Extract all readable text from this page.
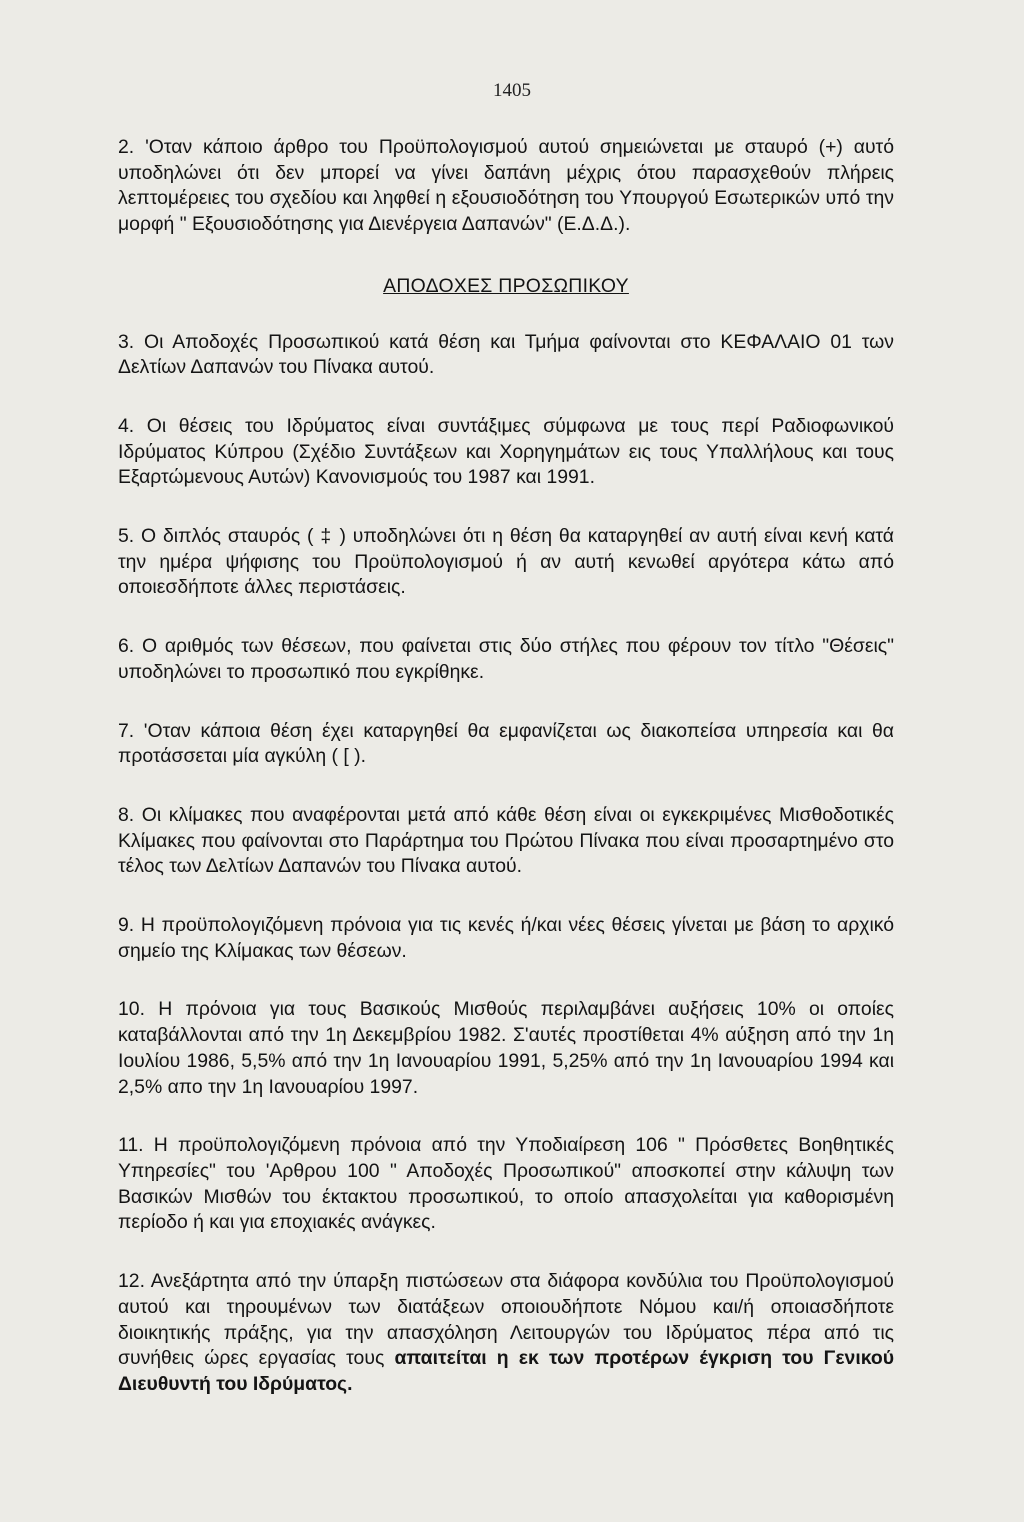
1405

2. 'Οταν κάποιο άρθρο του Προϋπολογισμού αυτού σημειώνεται με σταυρό (+) αυτό υποδηλώνει ότι δεν μπορεί να γίνει δαπάνη μέχρις ότου παρασχεθούν πλήρεις λεπτομέρειες του σχεδίου και ληφθεί η εξουσιοδότηση του Υπουργού Εσωτερικών υπό την μορφή " Εξουσιοδότησης για Διενέργεια Δαπανών" (Ε.Δ.Δ.).

ΑΠΟΔΟΧΕΣ ΠΡΟΣΩΠΙΚΟΥ

3. Οι Αποδοχές Προσωπικού κατά θέση και Τμήμα φαίνονται στο ΚΕΦΑΛΑΙΟ 01 των Δελτίων Δαπανών του Πίνακα αυτού.

4. Οι θέσεις του Ιδρύματος είναι συντάξιμες σύμφωνα με τους περί Ραδιοφωνικού Ιδρύματος Κύπρου (Σχέδιο Συντάξεων και Χορηγημάτων εις τους Υπαλλήλους και τους Εξαρτώμενους Αυτών) Κανονισμούς του 1987 και 1991.

5. Ο διπλός σταυρός ( ‡ ) υποδηλώνει ότι η θέση θα καταργηθεί αν αυτή είναι κενή κατά την ημέρα ψήφισης του Προϋπολογισμού ή αν αυτή κενωθεί αργότερα κάτω από οποιεσδήποτε άλλες περιστάσεις.

6. Ο αριθμός των θέσεων, που φαίνεται στις δύο στήλες που φέρουν τον τίτλο "Θέσεις" υποδηλώνει το προσωπικό που εγκρίθηκε.

7. 'Οταν κάποια θέση έχει καταργηθεί θα εμφανίζεται ως διακοπείσα υπηρεσία και θα προτάσσεται μία αγκύλη ( [ ).

8. Οι κλίμακες που αναφέρονται μετά από κάθε θέση είναι οι εγκεκριμένες Μισθοδοτικές Κλίμακες που φαίνονται στο Παράρτημα του Πρώτου Πίνακα που είναι προσαρτημένο στο τέλος των Δελτίων Δαπανών του Πίνακα αυτού.

9. Η προϋπολογιζόμενη πρόνοια για τις κενές ή/και νέες θέσεις γίνεται με βάση το αρχικό σημείο της Κλίμακας των θέσεων.

10. Η πρόνοια για τους Βασικούς Μισθούς περιλαμβάνει αυξήσεις 10% οι οποίες καταβάλλονται από την 1η Δεκεμβρίου 1982. Σ'αυτές προστίθεται 4% αύξηση από την 1η Ιουλίου 1986, 5,5% από την 1η Ιανουαρίου 1991, 5,25% από την 1η Ιανουαρίου 1994 και 2,5% απο την 1η Ιανουαρίου 1997.

11. Η προϋπολογιζόμενη πρόνοια από την Υποδιαίρεση 106 " Πρόσθετες Βοηθητικές Υπηρεσίες" του 'Αρθρου 100 " Αποδοχές Προσωπικού" αποσκοπεί στην κάλυψη των Βασικών Μισθών του έκτακτου προσωπικού, το οποίο απασχολείται για καθορισμένη περίοδο ή και για εποχιακές ανάγκες.

12. Ανεξάρτητα από την ύπαρξη πιστώσεων στα διάφορα κονδύλια του Προϋπολογισμού αυτού και τηρουμένων των διατάξεων οποιουδήποτε Νόμου και/ή οποιασδήποτε διοικητικής πράξης, για την απασχόληση Λειτουργών του Ιδρύματος πέρα από τις συνήθεις ώρες εργασίας τους απαιτείται η εκ των προτέρων έγκριση του Γενικού Διευθυντή του Ιδρύματος.
